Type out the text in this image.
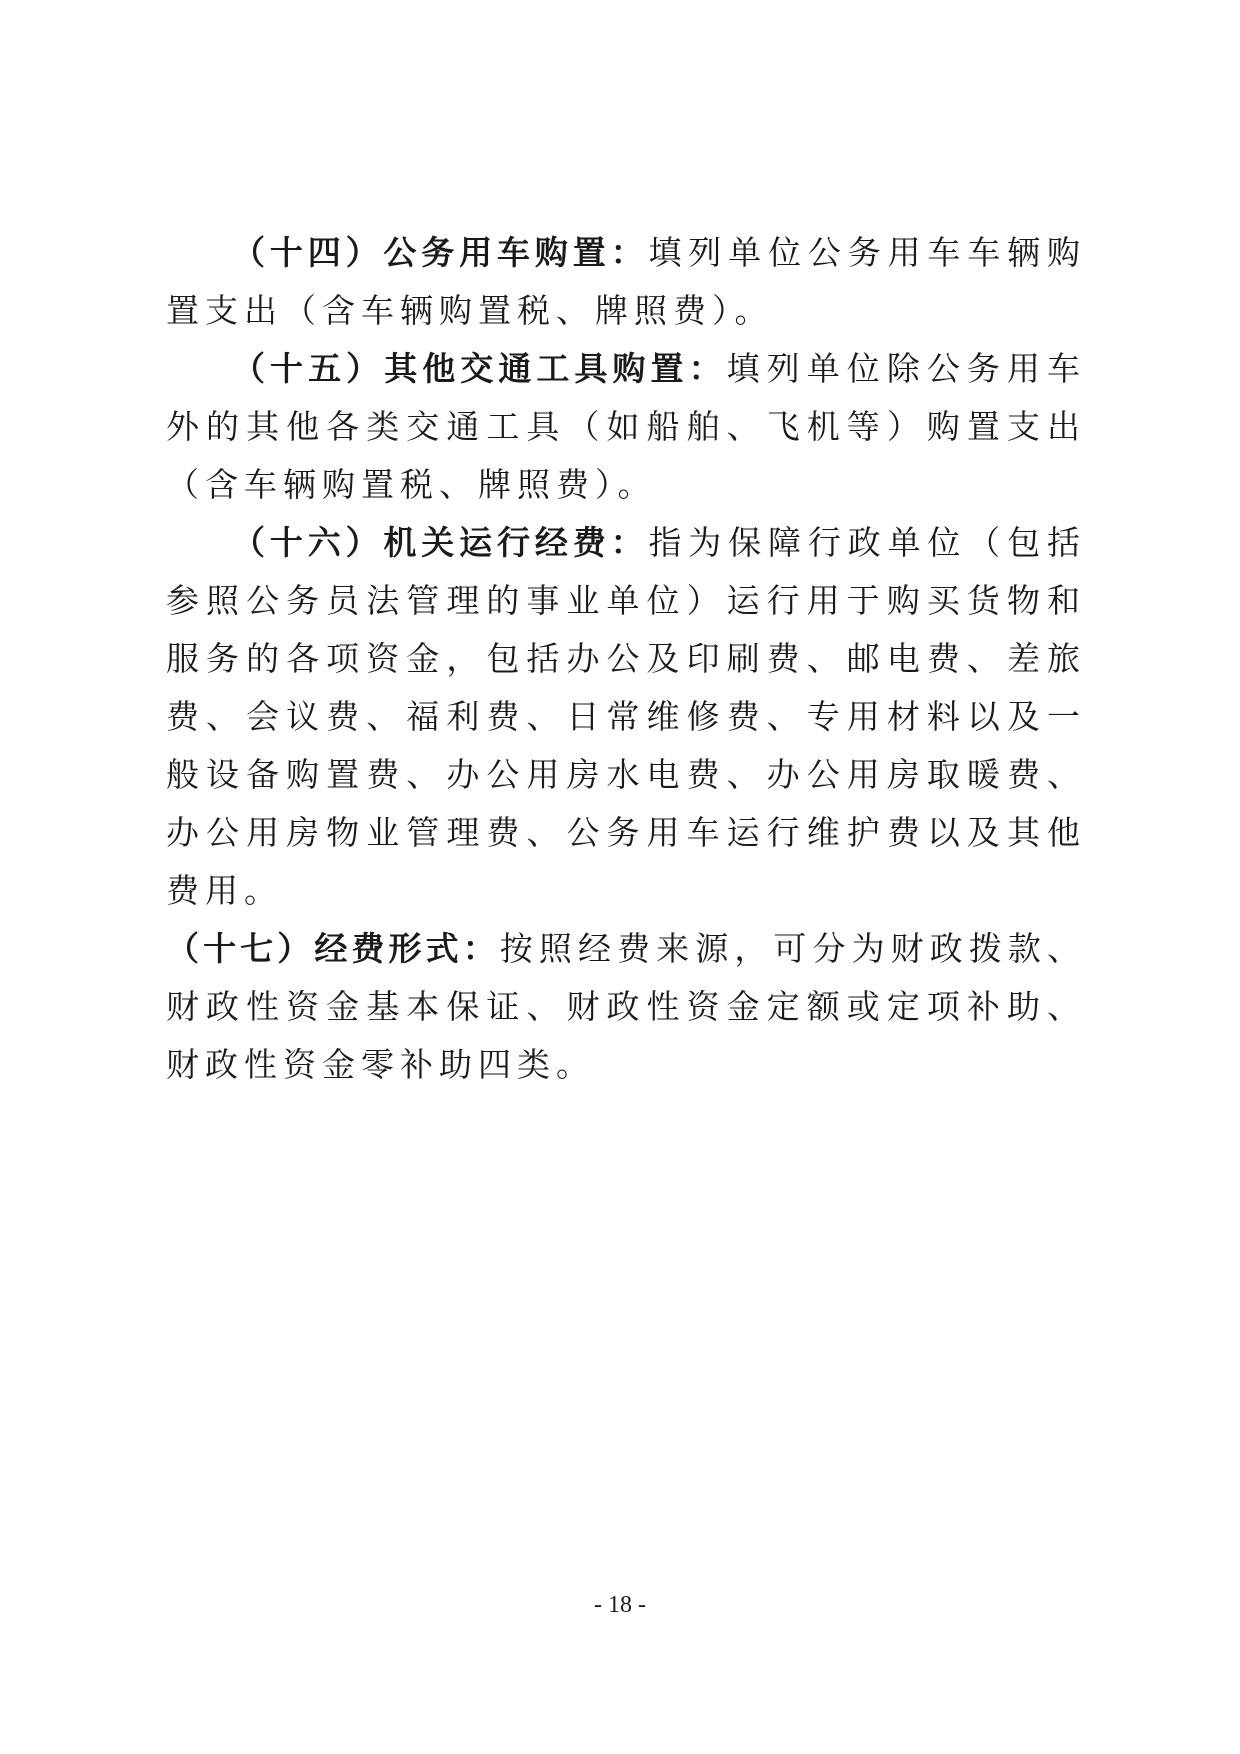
（十四）公务用车购置：填列单位公务用车车辆购置支出（含车辆购置税、牌照费）。

（十五）其他交通工具购置：填列单位除公务用车外的其他各类交通工具（如船舶、飞机等）购置支出（含车辆购置税、牌照费）。

（十六）机关运行经费：指为保障行政单位（包括参照公务员法管理的事业单位）运行用于购买货物和服务的各项资金，包括办公及印刷费、邮电费、差旅费、会议费、福利费、日常维修费、专用材料以及一般设备购置费、办公用房水电费、办公用房取暖费、办公用房物业管理费、公务用车运行维护费以及其他费用。

（十七）经费形式：按照经费来源，可分为财政拨款、财政性资金基本保证、财政性资金定额或定项补助、财政性资金零补助四类。

- 18 -
